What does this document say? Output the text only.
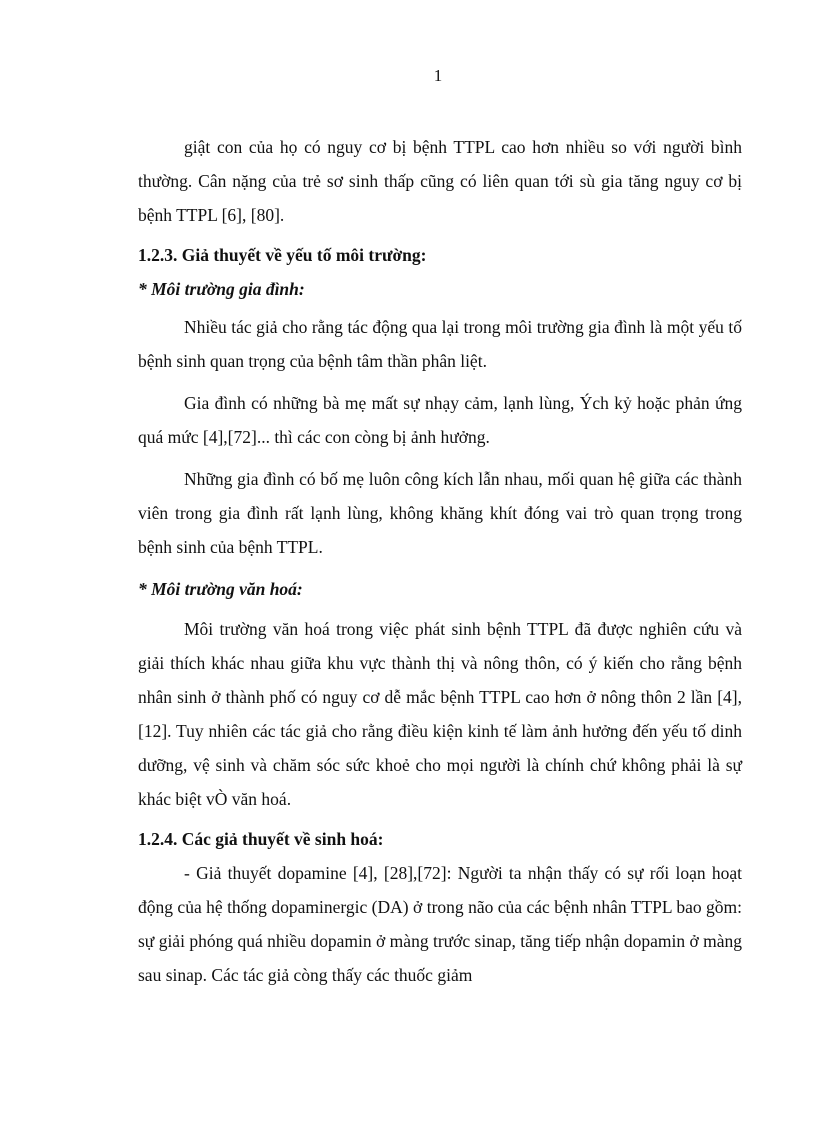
1

giật con của họ có nguy cơ bị bệnh TTPL cao hơn nhiều so với người bình thường. Cân nặng của trẻ sơ sinh thấp cũng có liên quan tới sù gia tăng nguy cơ bị bệnh TTPL [6], [80].

1.2.3. Giả thuyết về yếu tố môi trường:

* Môi trường gia đình:

Nhiều tác giả cho rằng tác động qua lại trong môi trường gia đình là một yếu tố bệnh sinh quan trọng của bệnh tâm thần phân liệt.

Gia đình có những bà mẹ mất sự nhạy cảm, lạnh lùng, Ých kỷ hoặc phản ứng quá mức [4],[72]... thì các con còng bị ảnh hưởng.

Những gia đình có bố mẹ luôn công kích lẫn nhau, mối quan hệ giữa các thành viên trong gia đình rất lạnh lùng, không khăng khít đóng vai trò quan trọng trong bệnh sinh của bệnh TTPL.

* Môi trường văn hoá:

Môi trường văn hoá trong việc phát sinh bệnh TTPL đã được nghiên cứu và giải thích khác nhau giữa khu vực thành thị và nông thôn, có ý kiến cho rằng bệnh nhân sinh ở thành phố có nguy cơ dễ mắc bệnh TTPL cao hơn ở nông thôn 2 lần [4], [12]. Tuy nhiên các tác giả cho rằng điều kiện kinh tế làm ảnh hưởng đến yếu tố dinh dưỡng, vệ sinh và chăm sóc sức khoẻ cho mọi người là chính chứ không phải là sự khác biệt vÒ văn hoá.

1.2.4. Các giả thuyết về sinh hoá:

- Giả thuyết dopamine [4], [28],[72]: Người ta nhận thấy có sự rối loạn hoạt động của hệ thống dopaminergic (DA) ở trong não của các bệnh nhân TTPL bao gồm: sự giải phóng quá nhiều dopamin ở màng trước sinap, tăng tiếp nhận dopamin ở màng sau sinap. Các tác giả còng thấy các thuốc giảm
